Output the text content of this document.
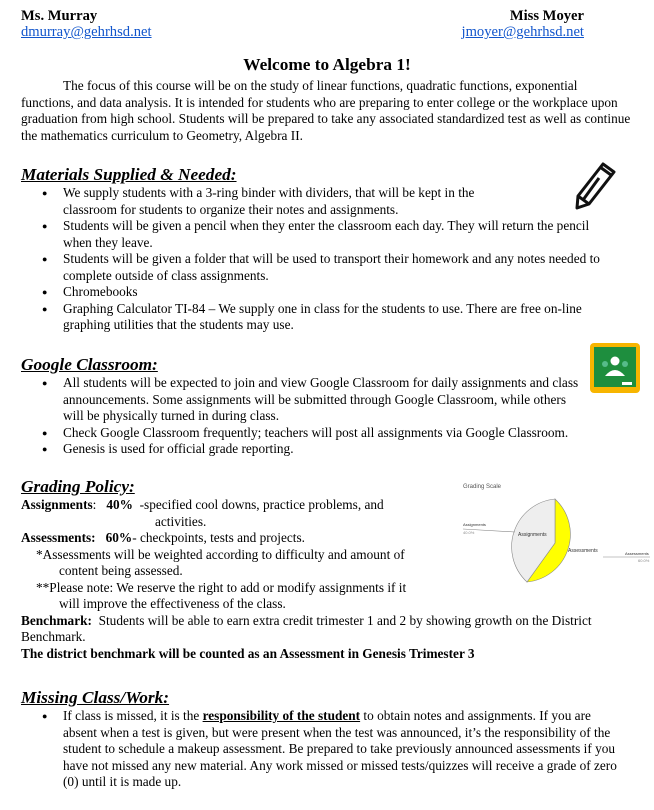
Ms. Murray
dmurray@gehrhsd.net
Miss Moyer
jmoyer@gehrhsd.net
Welcome to Algebra 1!

The focus of this course will be on the study of linear functions, quadratic functions, exponential functions, and data analysis. It is intended for students who are preparing to enter college or the workplace upon graduation from high school. Students will be prepared to take any associated standardized test as well as continue the mathematics curriculum to Geometry, Algebra II.

Materials Supplied & Needed:
● We supply students with a 3-ring binder with dividers, that will be kept in the classroom for students to organize their notes and assignments.
● Students will be given a pencil when they enter the classroom each day. They will return the pencil when they leave.
● Students will be given a folder that will be used to transport their homework and any notes needed to complete outside of class assignments.
● Chromebooks
● Graphing Calculator TI-84 – We supply one in class for the students to use. There are free on-line graphing utilities that the students may use.
Google Classroom:
● All students will be expected to join and view Google Classroom for daily assignments and class announcements. Some assignments will be submitted through Google Classroom, while others will be physically turned in during class.
● Check Google Classroom frequently; teachers will post all assignments via Google Classroom.
● Genesis is used for official grade reporting.
Grading Policy:
Assignments: 40% -specified cool downs, practice problems, and
activities.
Assessments: 60%- checkpoints, tests and projects.
*Assessments will be weighted according to difficulty and amount of
content being assessed.
**Please note: We reserve the right to add or modify assignments if it
will improve the effectiveness of the class.
Benchmark: Students will be able to earn extra credit trimester 1 and 2 by showing growth on the District Benchmark.
The district benchmark will be counted as an Assessment in Genesis Trimester 3
Grading Scale
Assignments
Assessments
Assignments
40.0%
Assessments
60.0%
Missing Class/Work:
● If class is missed, it is the responsibility of the student to obtain notes and assignments. If you are absent when a test is given, but were present when the test was announced, it’s the responsibility of the student to schedule a makeup assessment. Be prepared to take previously announced assessments if you have not missed any new material. Any work missed or missed tests/quizzes will receive a grade of zero (0) until it is made up.
